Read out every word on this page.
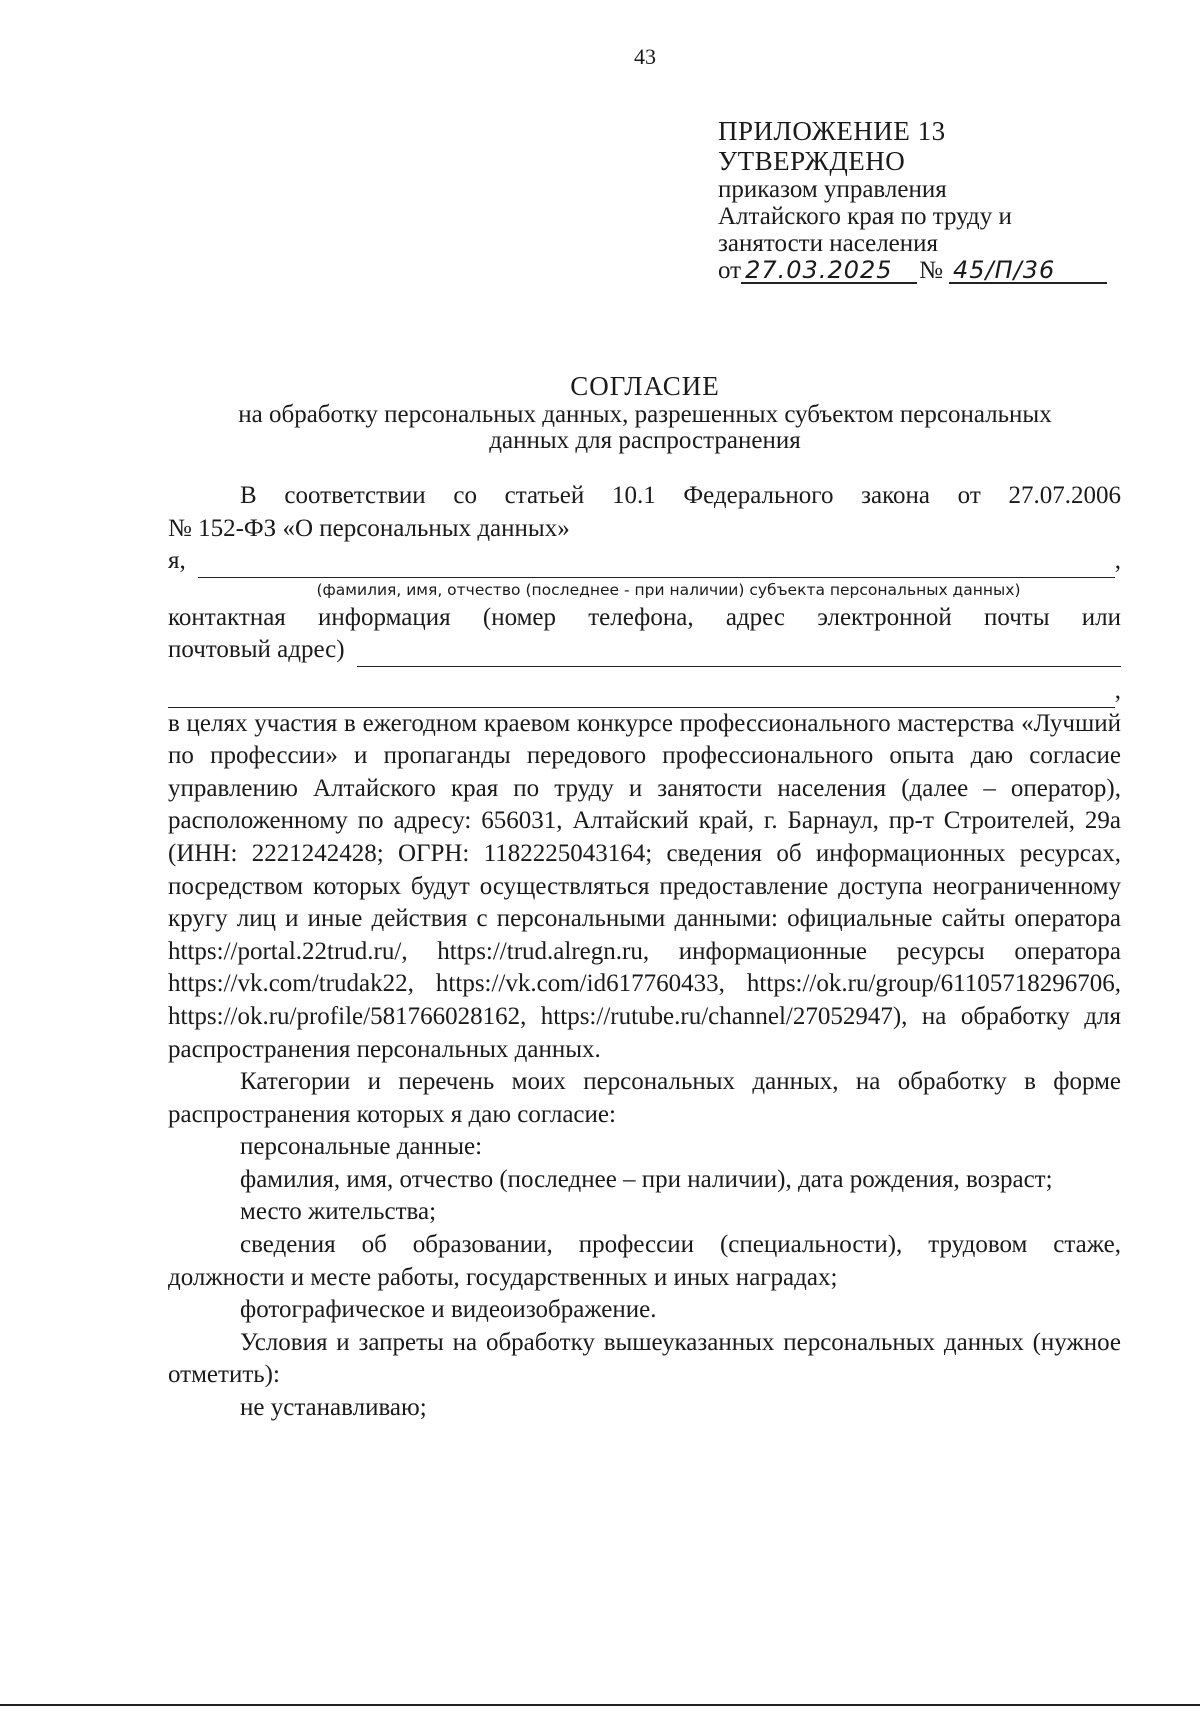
43
ПРИЛОЖЕНИЕ 13
УТВЕРЖДЕНО
приказом управления
Алтайского края по труду и
занятости населения
от 27.03.2025	№ 45/П/36
СОГЛАСИЕ
на обработку персональных данных, разрешенных субъектом персональных
данных для распространения

В соответствии со статьей 10.1 Федерального закона от 27.07.2006

№ 152-ФЗ «О персональных данных»

я,	,
(фамилия, имя, отчество (последнее - при наличии) субъекта персональных данных)

контактная информация (номер телефона, адрес электронной почты или

почтовый адрес)
,

в целях участия в ежегодном краевом конкурсе профессионального мастерства «Лучший по профессии» и пропаганды передового профессионального опыта даю согласие управлению Алтайского края по труду и занятости населения (далее – оператор), расположенному по адресу: 656031, Алтайский край, г. Барнаул, пр-т Строителей, 29а (ИНН: 2221242428; ОГРН: 1182225043164; сведения об информационных ресурсах, посредством которых будут осуществляться предоставление доступа неограниченному кругу лиц и иные действия с персональными данными: официальные сайты оператора https://portal.22trud.ru/, https://trud.alregn.ru, информационные ресурсы оператора https://vk.com/trudak22, https://vk.com/id617760433, https://ok.ru/group/61105718296706, https://ok.ru/profile/581766028162, https://rutube.ru/channel/27052947), на обработку для распространения персональных данных.

Категории и перечень моих персональных данных, на обработку в форме распространения которых я даю согласие:

персональные данные:

фамилия, имя, отчество (последнее – при наличии), дата рождения, возраст;

место жительства;

сведения об образовании, профессии (специальности), трудовом стаже, должности и месте работы, государственных и иных наградах;

фотографическое и видеоизображение.

Условия и запреты на обработку вышеуказанных персональных данных (нужное отметить):

не устанавливаю;
